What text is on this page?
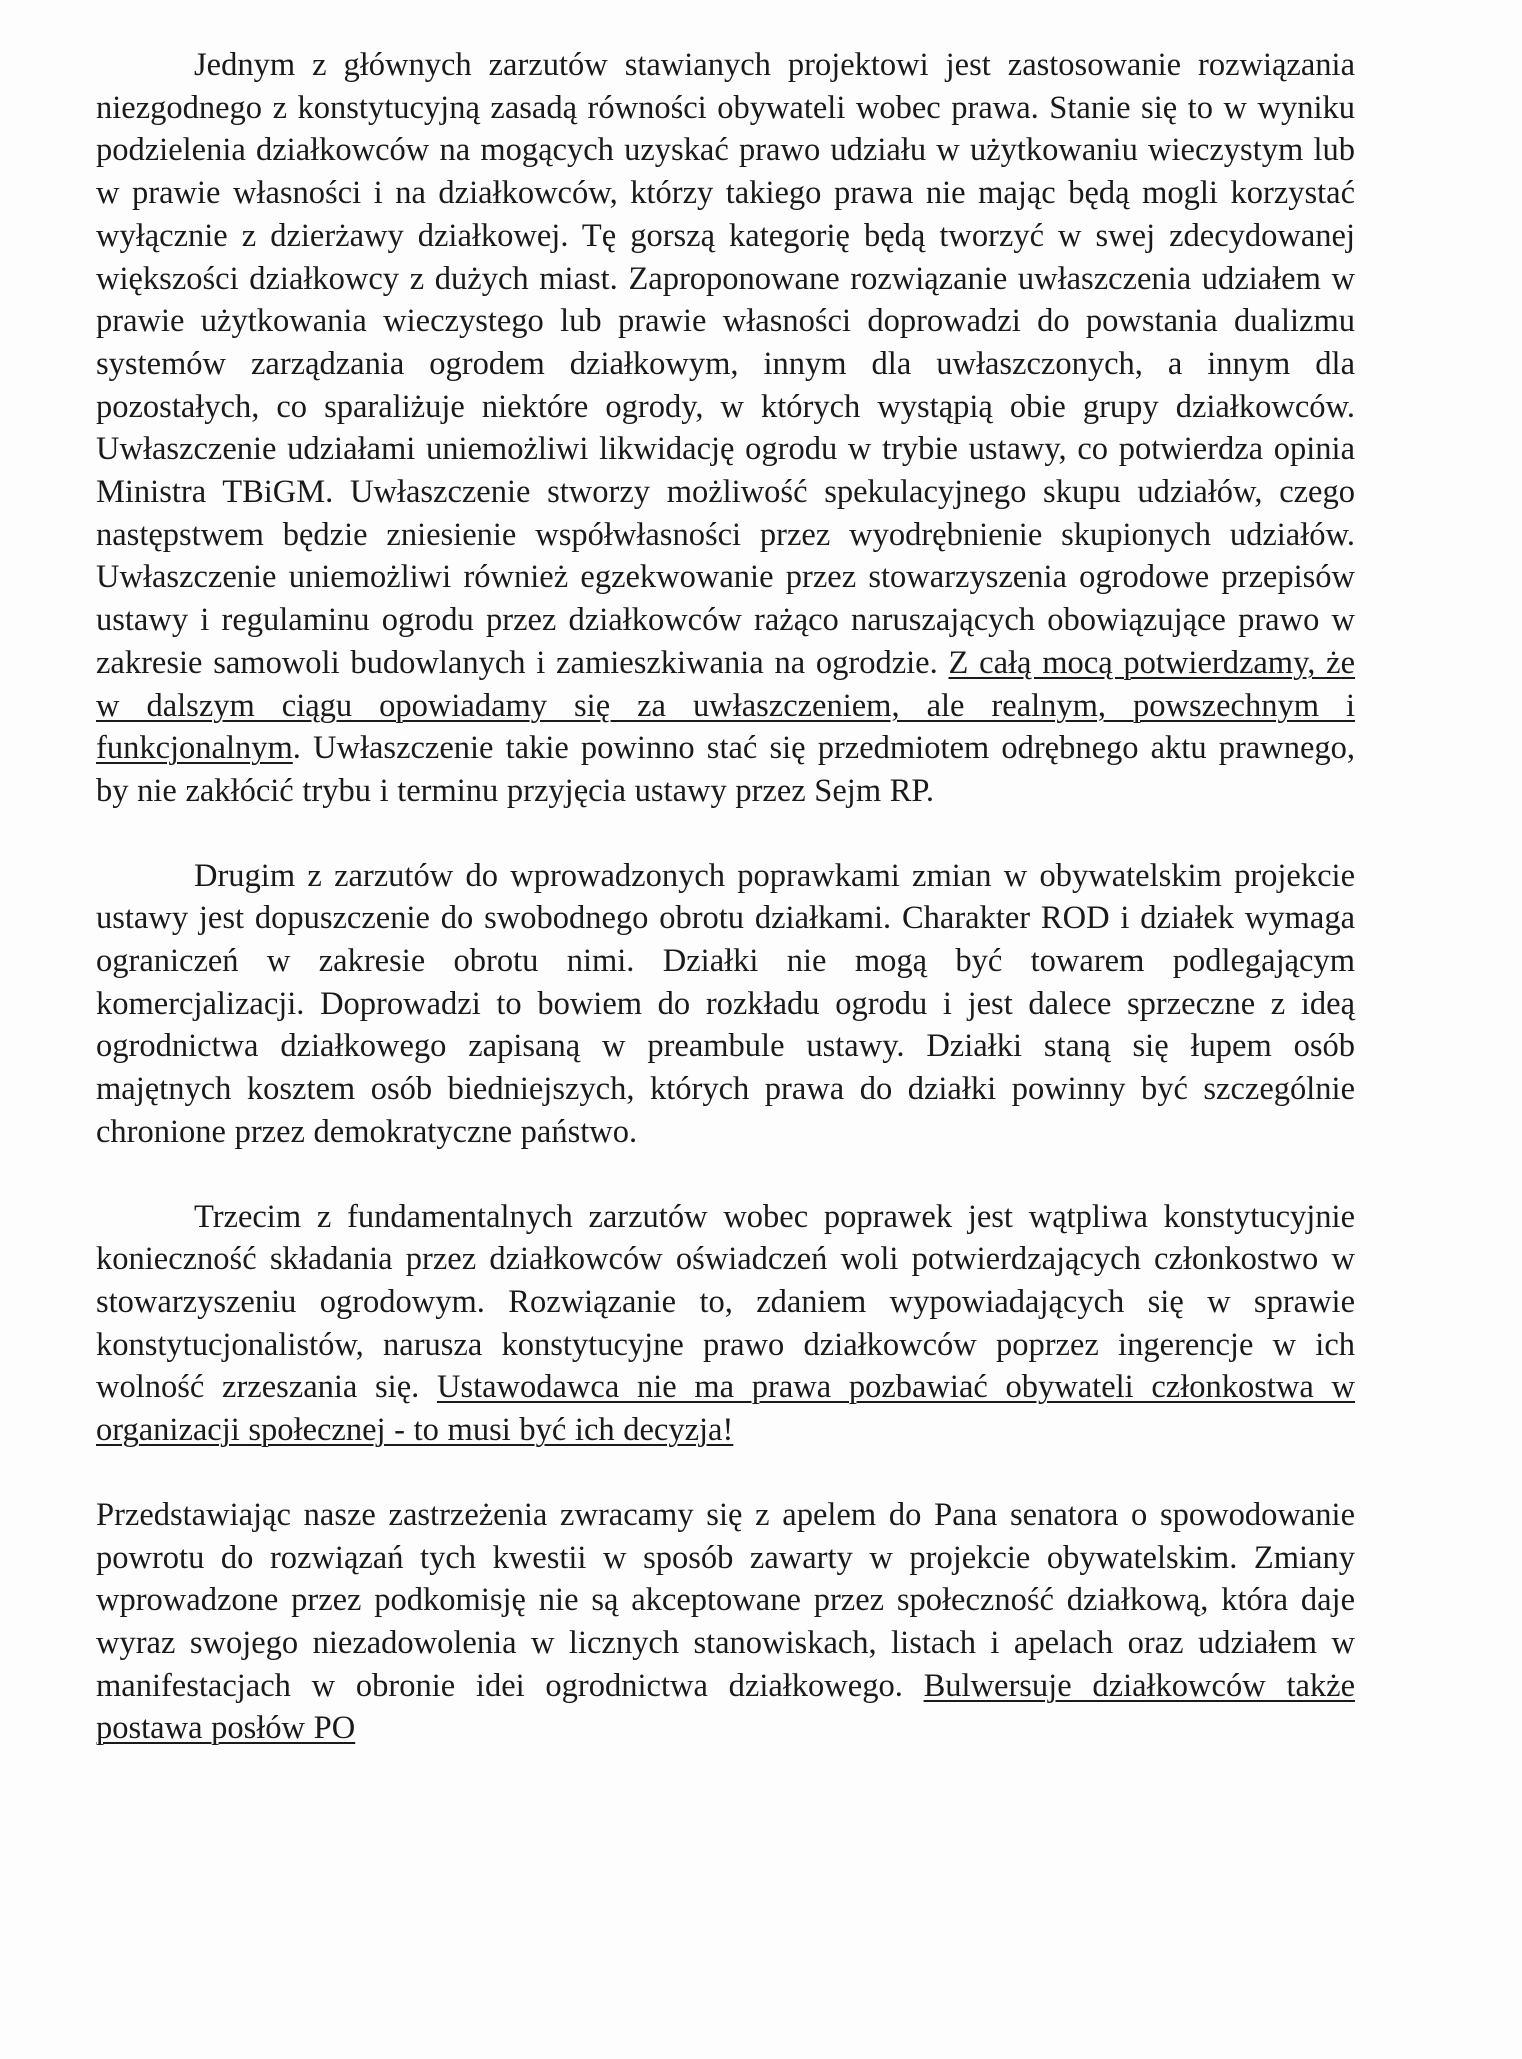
Jednym z głównych zarzutów stawianych projektowi jest zastosowanie rozwiązania niezgodnego z konstytucyjną zasadą równości obywateli wobec prawa. Stanie się to w wyniku podzielenia działkowców na mogących uzyskać prawo udziału w użytkowaniu wieczystym lub w prawie własności i na działkowców, którzy takiego prawa nie mając będą mogli korzystać wyłącznie z dzierżawy działkowej. Tę gorszą kategorię będą tworzyć w swej zdecydowanej większości działkowcy z dużych miast. Zaproponowane rozwiązanie uwłaszczenia udziałem w prawie użytkowania wieczystego lub prawie własności doprowadzi do powstania dualizmu systemów zarządzania ogrodem działkowym, innym dla uwłaszczonych, a innym dla pozostałych, co sparaliżuje niektóre ogrody, w których wystąpią obie grupy działkowców. Uwłaszczenie udziałami uniemożliwi likwidację ogrodu w trybie ustawy, co potwierdza opinia Ministra TBiGM. Uwłaszczenie stworzy możliwość spekulacyjnego skupu udziałów, czego następstwem będzie zniesienie współwłasności przez wyodrębnienie skupionych udziałów. Uwłaszczenie uniemożliwi również egzekwowanie przez stowarzyszenia ogrodowe przepisów ustawy i regulaminu ogrodu przez działkowców rażąco naruszających obowiązujące prawo w zakresie samowoli budowlanych i zamieszkiwania na ogrodzie. Z całą mocą potwierdzamy, że w dalszym ciągu opowiadamy się za uwłaszczeniem, ale realnym, powszechnym i funkcjonalnym. Uwłaszczenie takie powinno stać się przedmiotem odrębnego aktu prawnego, by nie zakłócić trybu i terminu przyjęcia ustawy przez Sejm RP.

Drugim z zarzutów do wprowadzonych poprawkami zmian w obywatelskim projekcie ustawy jest dopuszczenie do swobodnego obrotu działkami. Charakter ROD i działek wymaga ograniczeń w zakresie obrotu nimi. Działki nie mogą być towarem podlegającym komercjalizacji. Doprowadzi to bowiem do rozkładu ogrodu i jest dalece sprzeczne z ideą ogrodnictwa działkowego zapisaną w preambule ustawy. Działki staną się łupem osób majętnych kosztem osób biedniejszych, których prawa do działki powinny być szczególnie chronione przez demokratyczne państwo.

Trzecim z fundamentalnych zarzutów wobec poprawek jest wątpliwa konstytucyjnie konieczność składania przez działkowców oświadczeń woli potwierdzających członkostwo w stowarzyszeniu ogrodowym. Rozwiązanie to, zdaniem wypowiadających się w sprawie konstytucjonalistów, narusza konstytucyjne prawo działkowców poprzez ingerencje w ich wolność zrzeszania się. Ustawodawca nie ma prawa pozbawiać obywateli członkostwa w organizacji społecznej - to musi być ich decyzja!

Przedstawiając nasze zastrzeżenia zwracamy się z apelem do Pana senatora o spowodowanie powrotu do rozwiązań tych kwestii w sposób zawarty w projekcie obywatelskim. Zmiany wprowadzone przez podkomisję nie są akceptowane przez społeczność działkową, która daje wyraz swojego niezadowolenia w licznych stanowiskach, listach i apelach oraz udziałem w manifestacjach w obronie idei ogrodnictwa działkowego. Bulwersuje działkowców także postawa posłów PO
